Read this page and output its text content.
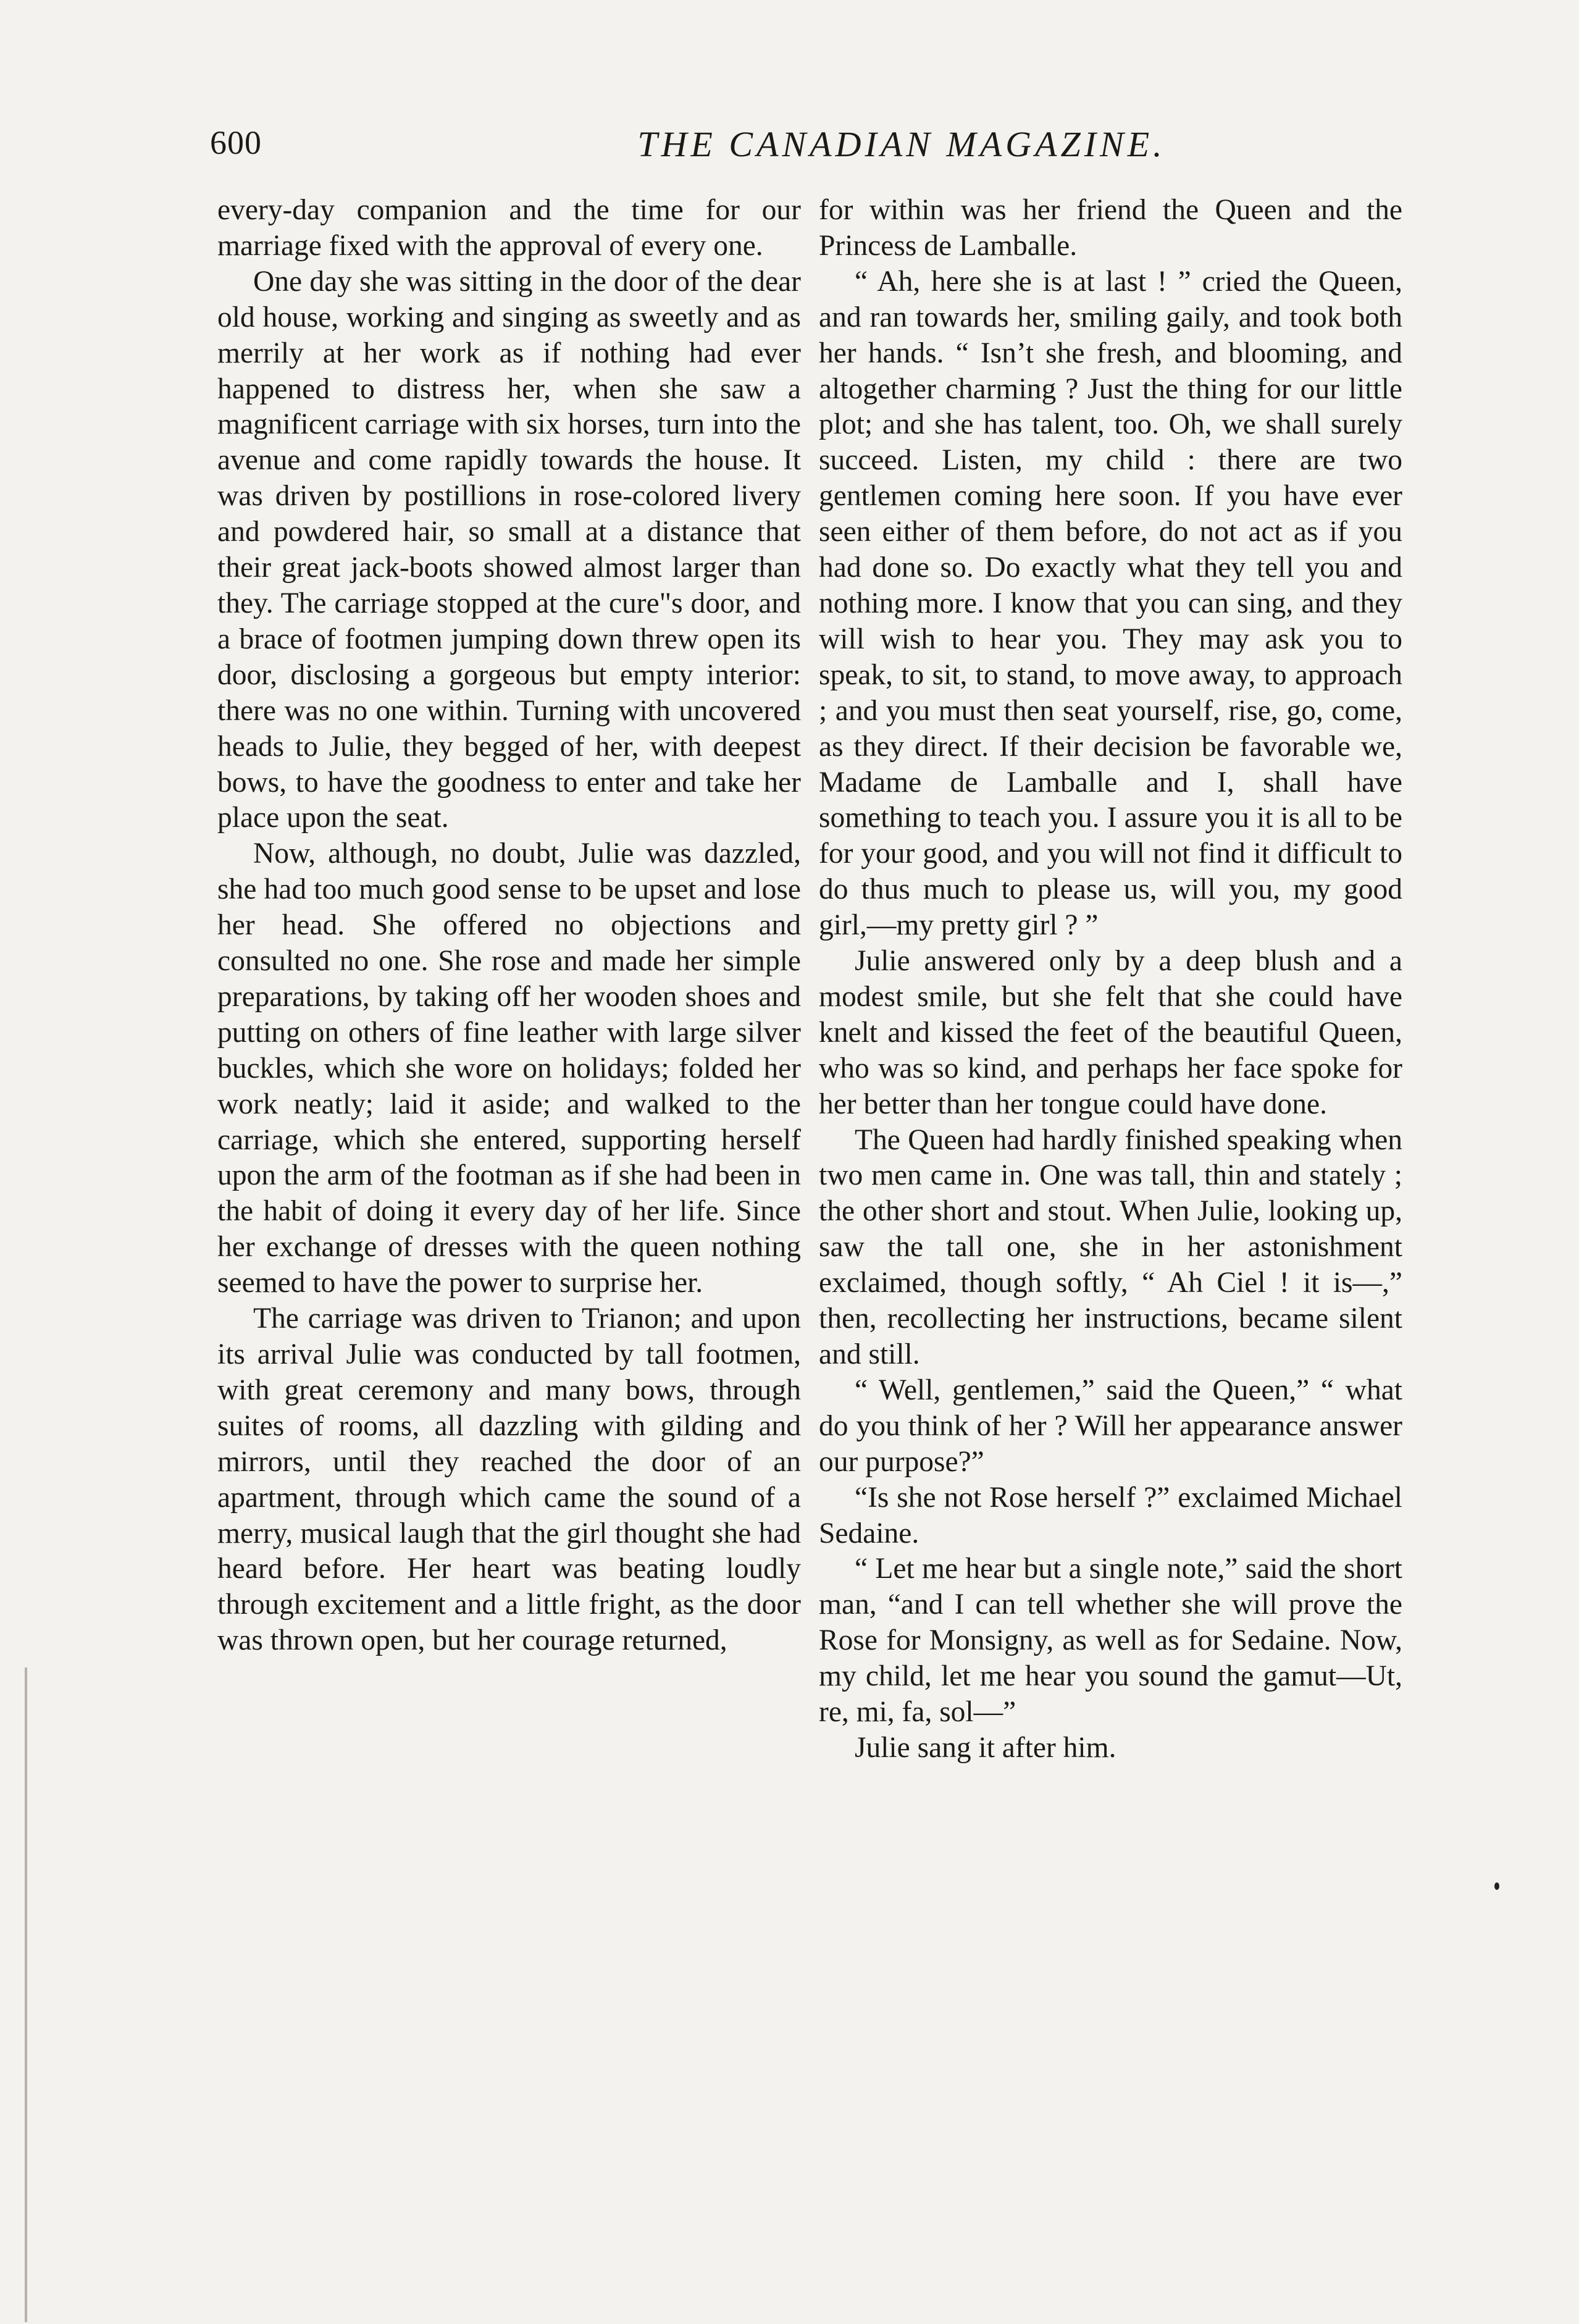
600	THE CANADIAN MAGAZINE.

every-day companion and the time for our marriage fixed with the approval of every one.

One day she was sitting in the door of the dear old house, working and singing as sweetly and as merrily at her work as if nothing had ever happened to distress her, when she saw a magnificent carriage with six horses, turn into the avenue and come rapidly towards the house. It was driven by postillions in rose-colored livery and powdered hair, so small at a distance that their great jack-boots showed almost larger than they. The carriage stopped at the cure"s door, and a brace of footmen jumping down threw open its door, disclosing a gorgeous but empty interior: there was no one within. Turning with uncovered heads to Julie, they begged of her, with deepest bows, to have the goodness to enter and take her place upon the seat.

Now, although, no doubt, Julie was dazzled, she had too much good sense to be upset and lose her head. She offered no objections and consulted no one. She rose and made her simple preparations, by taking off her wooden shoes and putting on others of fine leather with large silver buckles, which she wore on holidays; folded her work neatly; laid it aside; and walked to the carriage, which she entered, supporting herself upon the arm of the footman as if she had been in the habit of doing it every day of her life. Since her exchange of dresses with the queen nothing seemed to have the power to surprise her.

The carriage was driven to Trianon; and upon its arrival Julie was conducted by tall footmen, with great ceremony and many bows, through suites of rooms, all dazzling with gilding and mirrors, until they reached the door of an apartment, through which came the sound of a merry, musical laugh that the girl thought she had heard before. Her heart was beating loudly through excitement and a little fright, as the door was thrown open, but her courage returned,

for within was her friend the Queen and the Princess de Lamballe.

“ Ah, here she is at last ! ” cried the Queen, and ran towards her, smiling gaily, and took both her hands. “ Isn’t she fresh, and blooming, and altogether charming ? Just the thing for our little plot; and she has talent, too. Oh, we shall surely succeed. Listen, my child : there are two gentlemen coming here soon. If you have ever seen either of them before, do not act as if you had done so. Do exactly what they tell you and nothing more. I know that you can sing, and they will wish to hear you. They may ask you to speak, to sit, to stand, to move away, to approach ; and you must then seat yourself, rise, go, come, as they direct. If their decision be favorable we, Madame de Lamballe and I, shall have something to teach you. I assure you it is all to be for your good, and you will not find it difficult to do thus much to please us, will you, my good girl,—my pretty girl ? ”

Julie answered only by a deep blush and a modest smile, but she felt that she could have knelt and kissed the feet of the beautiful Queen, who was so kind, and perhaps her face spoke for her better than her tongue could have done.

The Queen had hardly finished speaking when two men came in. One was tall, thin and stately ; the other short and stout. When Julie, looking up, saw the tall one, she in her astonishment exclaimed, though softly, “ Ah Ciel ! it is—,” then, recollecting her instructions, became silent and still.

“ Well, gentlemen,” said the Queen,” “ what do you think of her ? Will her appearance answer our purpose?”

“Is she not Rose herself ?” exclaimed Michael Sedaine.

“ Let me hear but a single note,” said the short man, “and I can tell whether she will prove the Rose for Monsigny, as well as for Sedaine. Now, my child, let me hear you sound the gamut—Ut, re, mi, fa, sol—”

Julie sang it after him.
